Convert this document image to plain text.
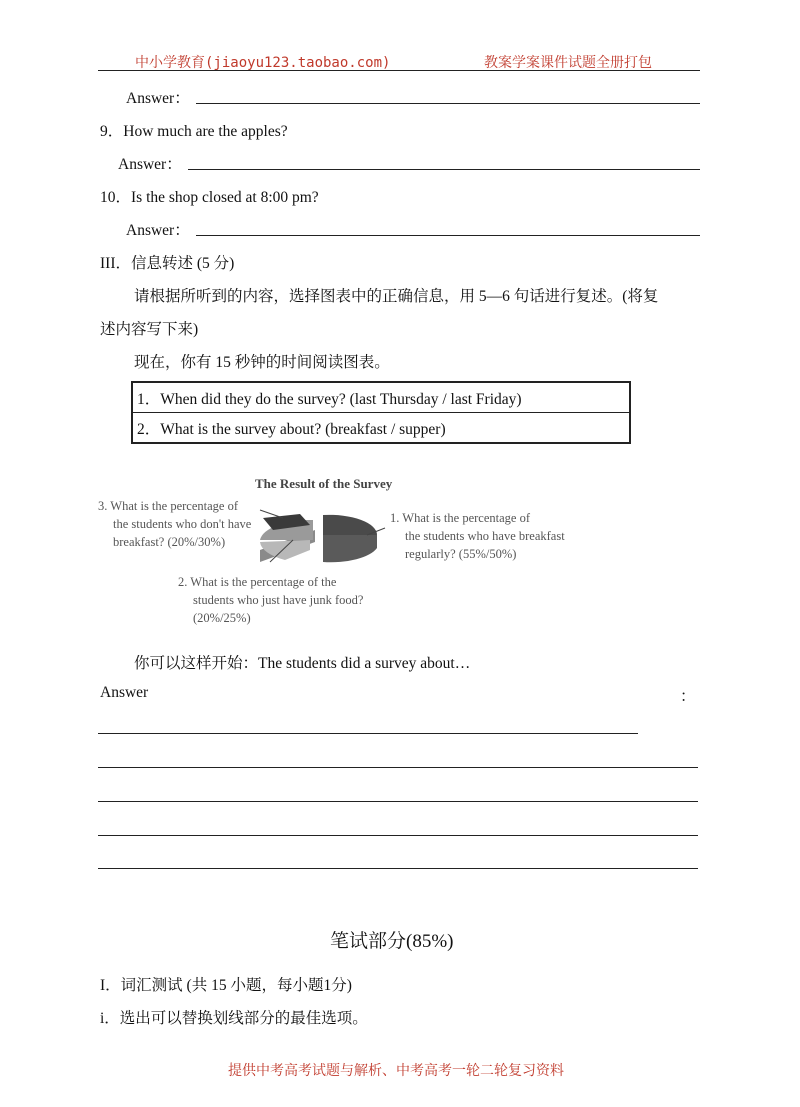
中小学教育(jiaoyu123.taobao.com)	教案学案课件试题全册打包
Answer：
9．How much are the apples?
Answer：
10．Is the shop closed at 8:00 pm?
Answer：
III．信息转述 (5 分)
请根据所听到的内容，选择图表中的正确信息，用 5—6 句话进行复述。(将复
述内容写下来)
现在，你有 15 秒钟的时间阅读图表。
1．When did they do the survey? (last Thursday / last Friday)
2．What is the survey about? (breakfast / supper)
The Result of the Survey
3. What is the percentage of
the students who don't have
breakfast? (20%/30%)
1. What is the percentage of
the students who have breakfast
regularly? (55%/50%)
2. What is the percentage of the
students who just have junk food?
(20%/25%)
你可以这样开始：The students did a survey about…
Answer	：
笔试部分(85%)
I．词汇测试 (共 15 小题，每小题1分)
i．选出可以替换划线部分的最佳选项。
提供中考高考试题与解析、中考高考一轮二轮复习资料
